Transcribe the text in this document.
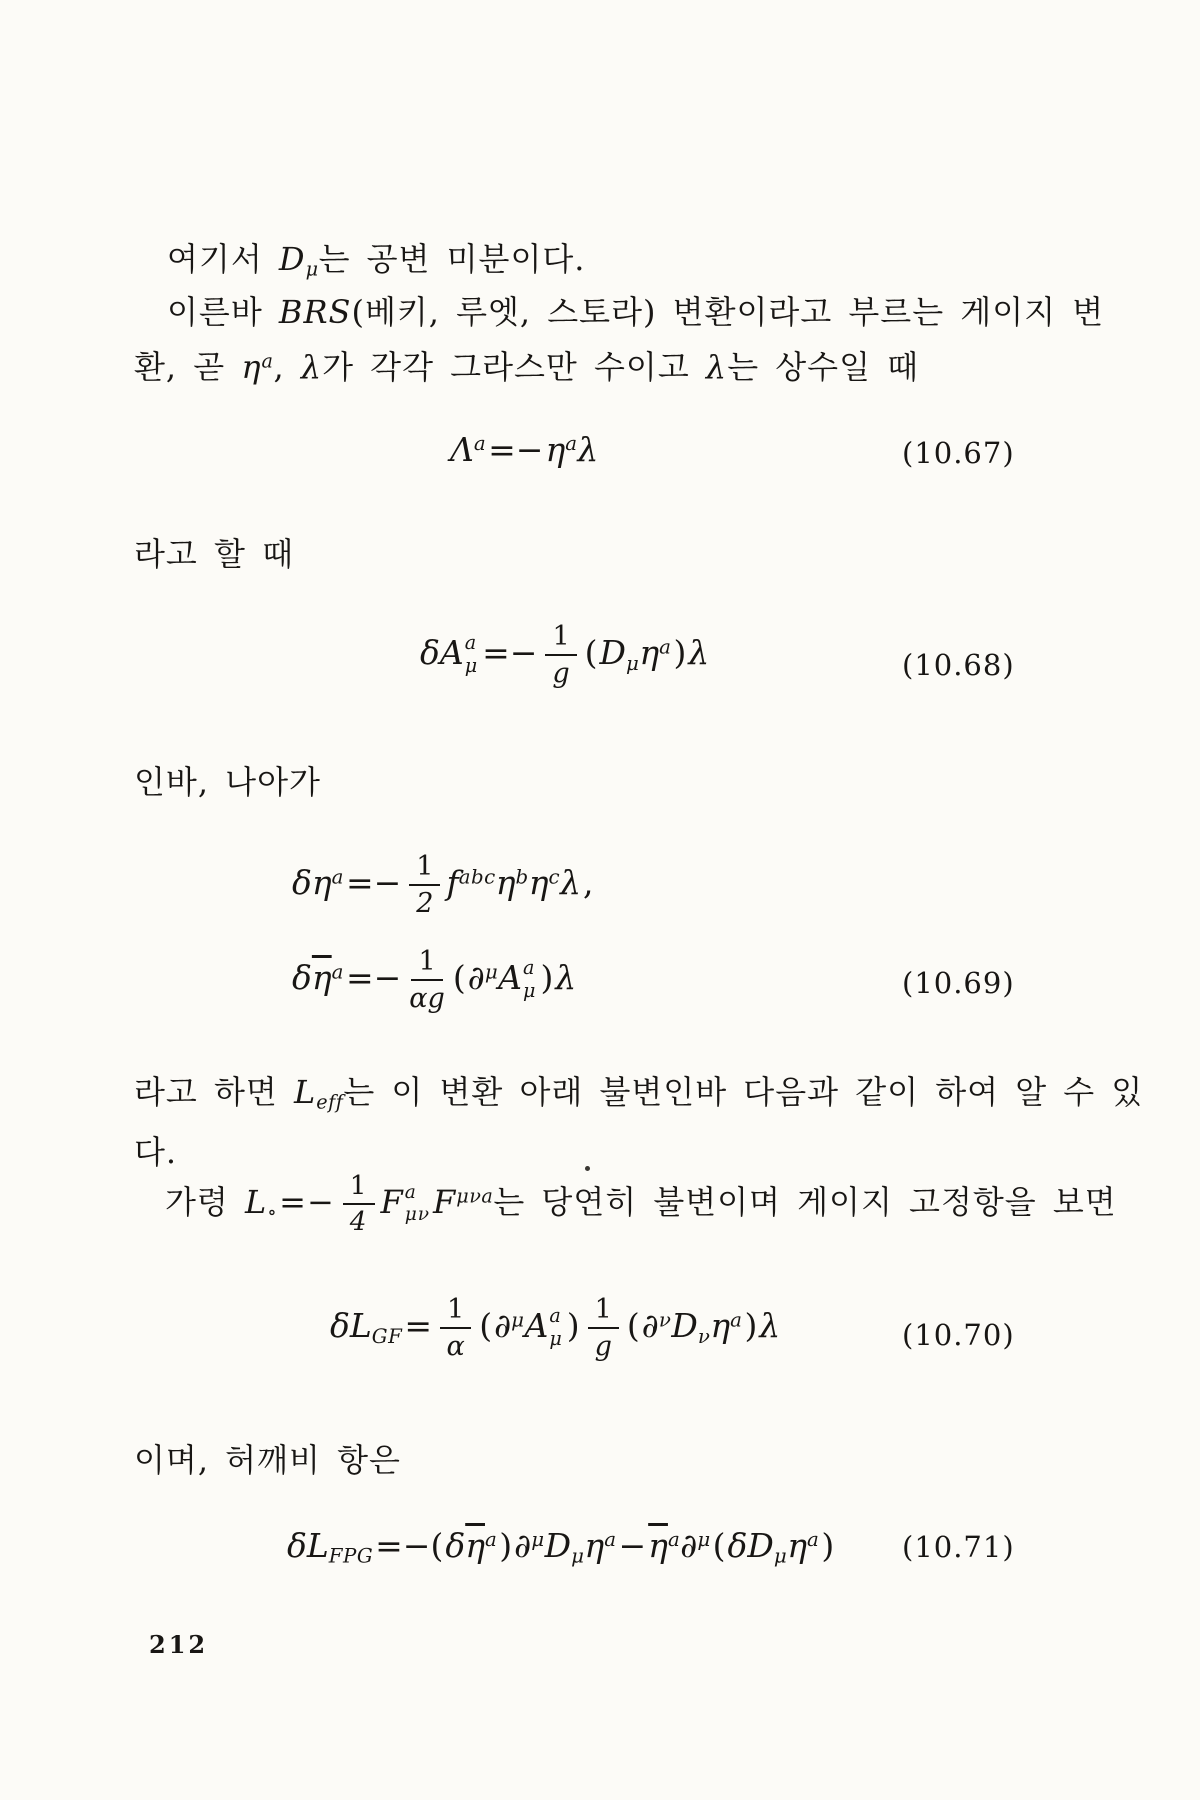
여기서 Dμ는 공변 미분이다.
이른바 BRS(베키, 루엣, 스토라) 변환이라고 부르는 게이지 변
환, 곧 $\eta^a$, λ가 각각 그라스만 수이고 λ는 상수일 때
$\Lambda^a=-\eta^a\lambda$	(10.67)
라고 할 때
δA a
$\mu =- \frac{1}{g} (D\mu\eta^a)\lambda$	(10.68)
인바, 나아가
$\delta\eta^a=- \frac{1}{2} f^{abc}\eta^b\eta^c\lambda$,
$\delta\overline{\eta}^a=- \frac{1}{\alpha g} (\partial^\mu A$ a
μ )λ	(10.69)
라고 하면 Leff는 이 변환 아래 불변인바 다음과 같이 하여 알 수 있
다.
가령 L∘=− $\frac{1}{4}$ F a
μν $F^{\mu\nu a}$는 당연히 불변이며 게이지 고정항을 보면
$\delta LGF= \frac{1}{\alpha} (\partial^\mu A$ a
μ ) $\frac{1}{g} (\partial^\nu D\nu\eta^a)\lambda$	(10.70)
이며, 허깨비 항은
$\delta LFPG=-(\delta\overline{\eta}^a)\partial^\mu D\mu\eta^a-\overline{\eta}^a\partial^\mu(\delta D\mu\eta^a)$ (10.71)
212
